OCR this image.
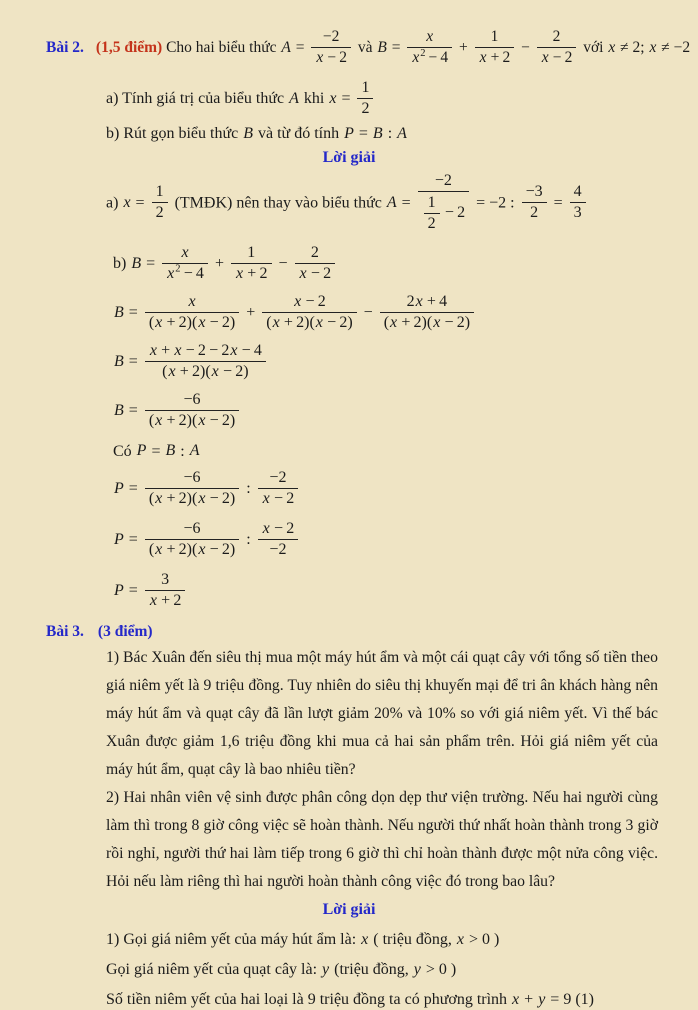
Bài 2. (1,5 điểm) Cho hai biểu thức $A = \frac{-2}{x - 2}$ và $B = \frac{x}{x^2 - 4} + \frac{1}{x + 2} - \frac{2}{x - 2}$ với x ≠ 2; x ≠ −2
a) Tính giá trị của biểu thức A khi $x = \frac{1}{2}$
b) Rút gọn biểu thức B và từ đó tính P = B : A
Lời giải
a) $x = \frac{1}{2}$ (TMĐK) nên thay vào biểu thức $A = \frac{-2}{\frac{1}{2} - 2} = -2$ : $\frac{-3}{2} = \frac{4}{3}$
b) $B = \frac{x}{x^2 - 4} + \frac{1}{x + 2} - \frac{2}{x - 2}$
$B = \frac{x}{(x + 2)(x - 2)} + \frac{x - 2}{(x + 2)(x - 2)} - \frac{2x + 4}{(x + 2)(x - 2)}$
$B = \frac{x + x - 2 - 2x - 4}{(x + 2)(x - 2)}$
$B = \frac{-6}{(x + 2)(x - 2)}$
Có P = B : A
$P = \frac{-6}{(x + 2)(x - 2)}$ : $\frac{-2}{x - 2}$
$P = \frac{-6}{(x + 2)(x - 2)}$ : $\frac{x - 2}{-2}$
$P = \frac{3}{x + 2}$
Bài 3. (3 điểm)
1) Bác Xuân đến siêu thị mua một máy hút ẩm và một cái quạt cây với tổng số tiền theo giá niêm yết là 9 triệu đồng. Tuy nhiên do siêu thị khuyến mại để tri ân khách hàng nên máy hút ẩm và quạt cây đã lần lượt giảm 20% và 10% so với giá niêm yết. Vì thế bác Xuân được giảm 1,6 triệu đồng khi mua cả hai sản phẩm trên. Hỏi giá niêm yết của máy hút ẩm, quạt cây là bao nhiêu tiền?
2) Hai nhân viên vệ sinh được phân công dọn dẹp thư viện trường. Nếu hai người cùng làm thì trong 8 giờ công việc sẽ hoàn thành. Nếu người thứ nhất hoàn thành trong 3 giờ rồi nghỉ, người thứ hai làm tiếp trong 6 giờ thì chỉ hoàn thành được một nửa công việc. Hỏi nếu làm riêng thì hai người hoàn thành công việc đó trong bao lâu?
Lời giải
1) Gọi giá niêm yết của máy hút ẩm là: x ( triệu đồng, x > 0 )
Gọi giá niêm yết của quạt cây là: y (triệu đồng, y > 0 )
Số tiền niêm yết của hai loại là 9 triệu đồng ta có phương trình x + y = 9 (1)
